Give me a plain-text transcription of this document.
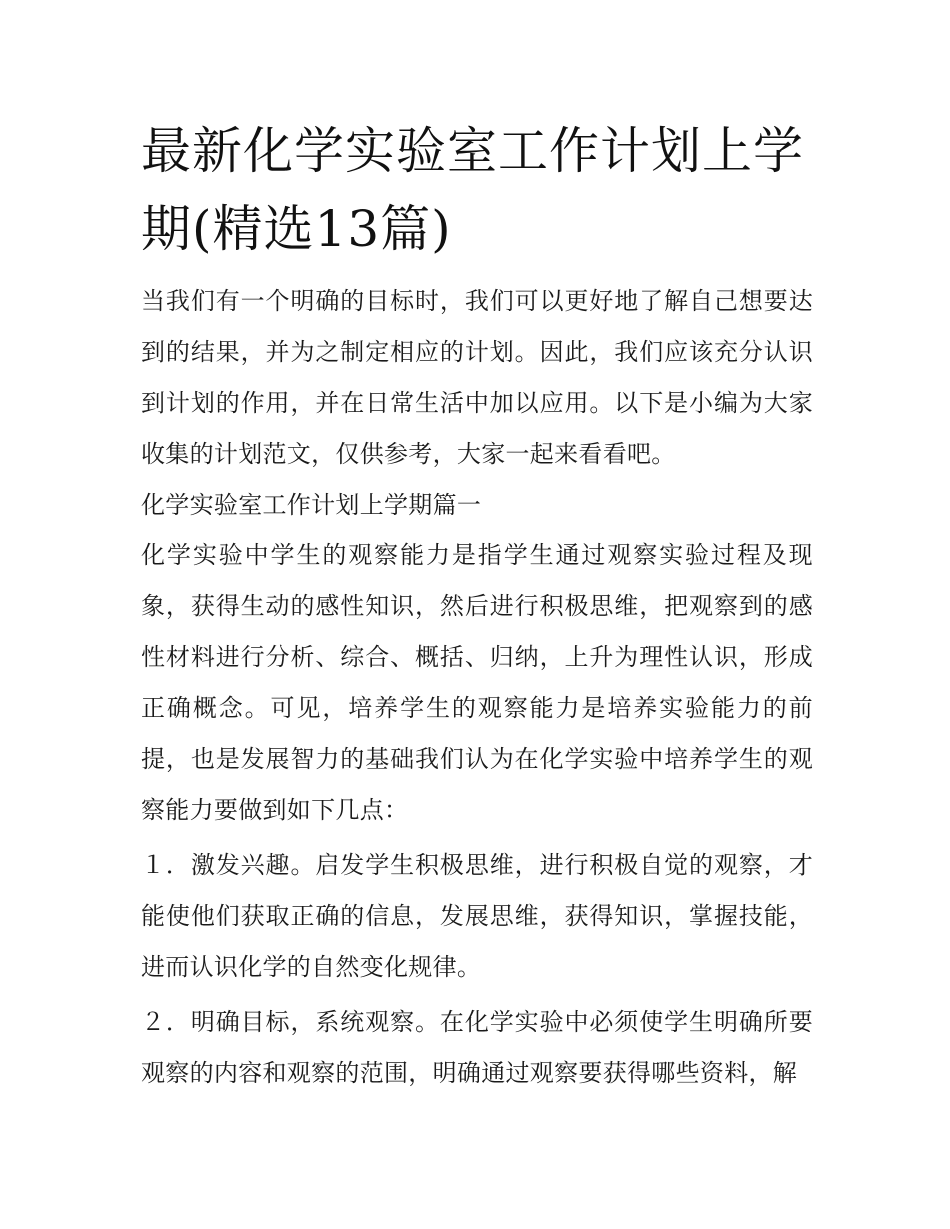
最新化学实验室工作计划上学期(精选13篇)

当我们有一个明确的目标时，我们可以更好地了解自己想要达到的结果，并为之制定相应的计划。因此，我们应该充分认识到计划的作用，并在日常生活中加以应用。以下是小编为大家收集的计划范文，仅供参考，大家一起来看看吧。

化学实验室工作计划上学期篇一

化学实验中学生的观察能力是指学生通过观察实验过程及现象，获得生动的感性知识，然后进行积极思维，把观察到的感性材料进行分析、综合、概括、归纳，上升为理性认识，形成正确概念。可见，培养学生的观察能力是培养实验能力的前提，也是发展智力的基础我们认为在化学实验中培养学生的观察能力要做到如下几点：

１．激发兴趣。启发学生积极思维，进行积极自觉的观察，才能使他们获取正确的信息，发展思维，获得知识，掌握技能，进而认识化学的自然变化规律。

２．明确目标，系统观察。在化学实验中必须使学生明确所要观察的内容和观察的范围，明确通过观察要获得哪些资料，解
